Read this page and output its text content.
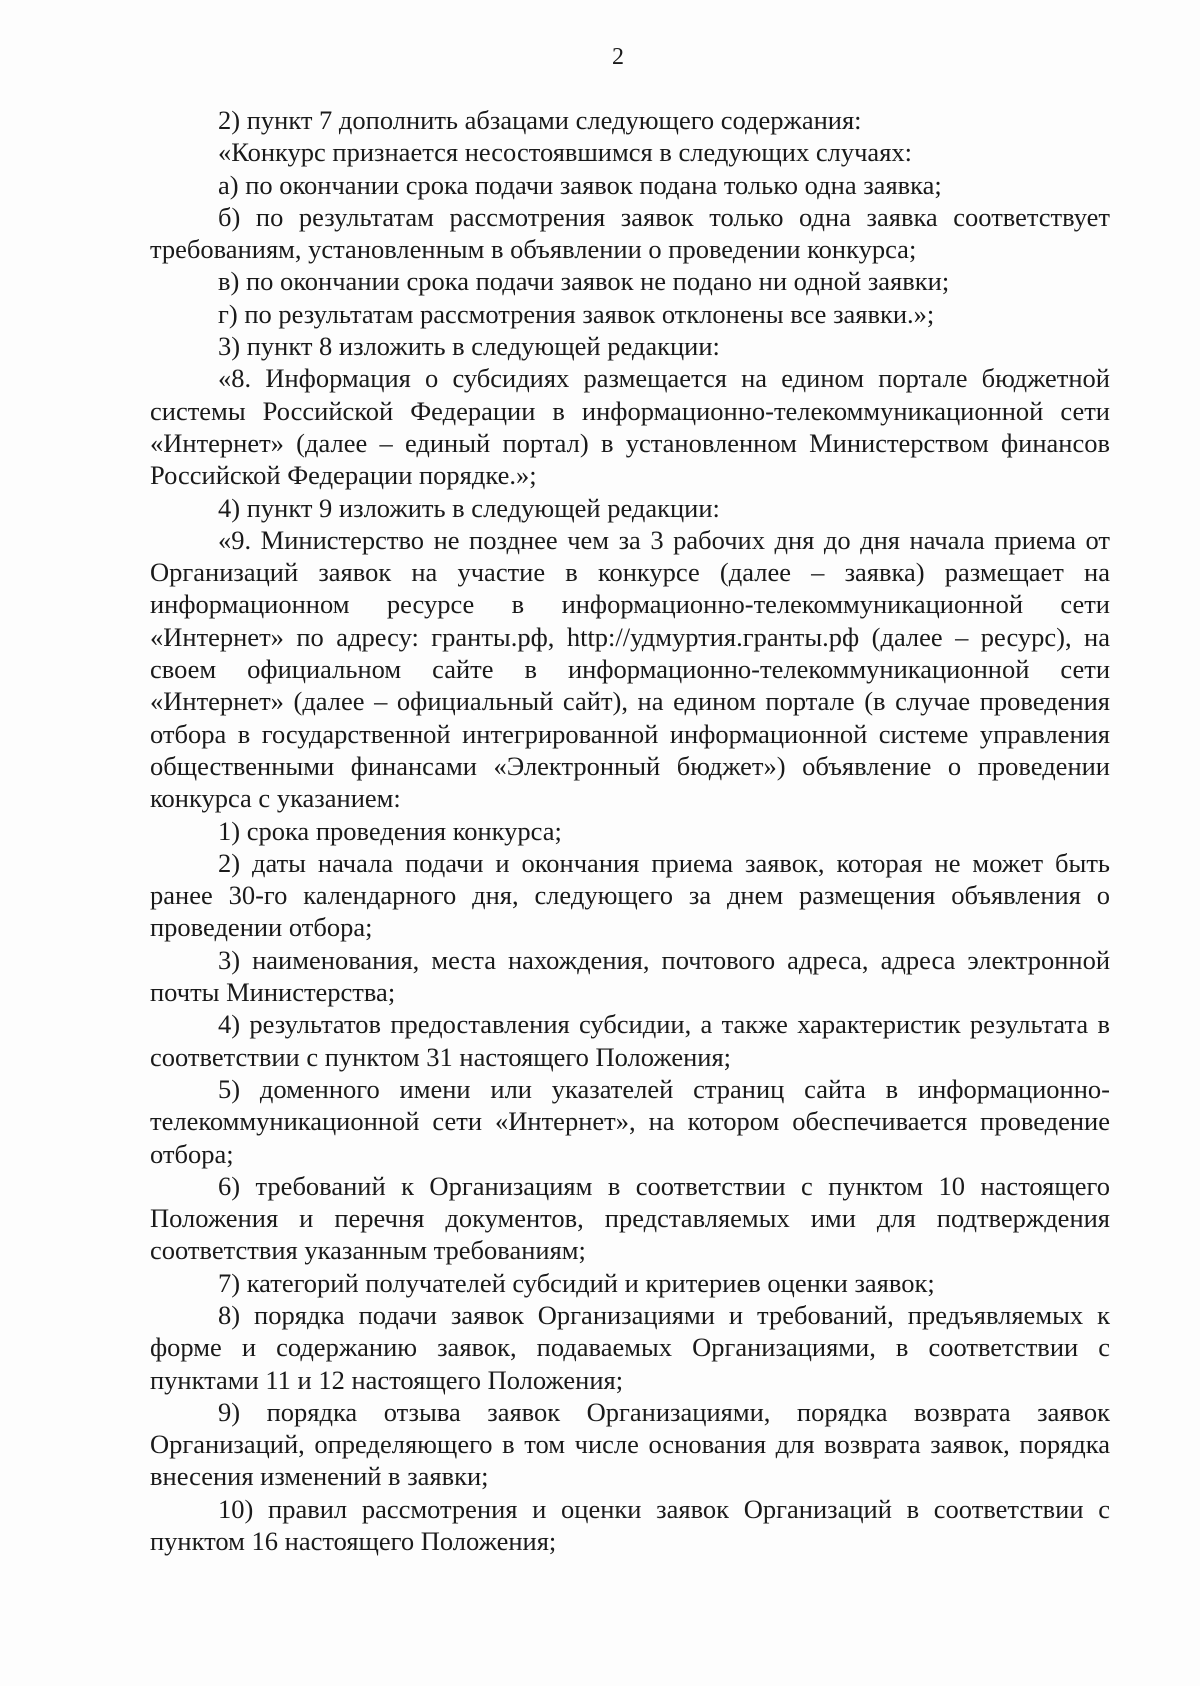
2

2) пункт 7 дополнить абзацами следующего содержания:

«Конкурс признается несостоявшимся в следующих случаях:

а) по окончании срока подачи заявок подана только одна заявка;

б) по результатам рассмотрения заявок только одна заявка соответствует требованиям, установленным в объявлении о проведении конкурса;

в) по окончании срока подачи заявок не подано ни одной заявки;

г) по результатам рассмотрения заявок отклонены все заявки.»;

3) пункт 8 изложить в следующей редакции:

«8. Информация о субсидиях размещается на едином портале бюджетной системы Российской Федерации в информационно-телекоммуникационной сети «Интернет» (далее – единый портал) в установленном Министерством финансов Российской Федерации порядке.»;

4) пункт 9 изложить в следующей редакции:

«9. Министерство не позднее чем за 3 рабочих дня до дня начала приема от Организаций заявок на участие в конкурсе (далее – заявка) размещает на информационном ресурсе в информационно-телекоммуникационной сети «Интернет» по адресу: гранты.рф, http://удмуртия.гранты.рф (далее – ресурс), на своем официальном сайте в информационно-телекоммуникационной сети «Интернет» (далее – официальный сайт), на едином портале (в случае проведения отбора в государственной интегрированной информационной системе управления общественными финансами «Электронный бюджет») объявление о проведении конкурса с указанием:

1) срока проведения конкурса;

2) даты начала подачи и окончания приема заявок, которая не может быть ранее 30-го календарного дня, следующего за днем размещения объявления о проведении отбора;

3) наименования, места нахождения, почтового адреса, адреса электронной почты Министерства;

4) результатов предоставления субсидии, а также характеристик результата в соответствии с пунктом 31 настоящего Положения;

5) доменного имени или указателей страниц сайта в информационно-телекоммуникационной сети «Интернет», на котором обеспечивается проведение отбора;

6) требований к Организациям в соответствии с пунктом 10 настоящего Положения и перечня документов, представляемых ими для подтверждения соответствия указанным требованиям;

7) категорий получателей субсидий и критериев оценки заявок;

8) порядка подачи заявок Организациями и требований, предъявляемых к форме и содержанию заявок, подаваемых Организациями, в соответствии с пунктами 11 и 12 настоящего Положения;

9) порядка отзыва заявок Организациями, порядка возврата заявок Организаций, определяющего в том числе основания для возврата заявок, порядка внесения изменений в заявки;

10) правил рассмотрения и оценки заявок Организаций в соответствии с пунктом 16 настоящего Положения;
